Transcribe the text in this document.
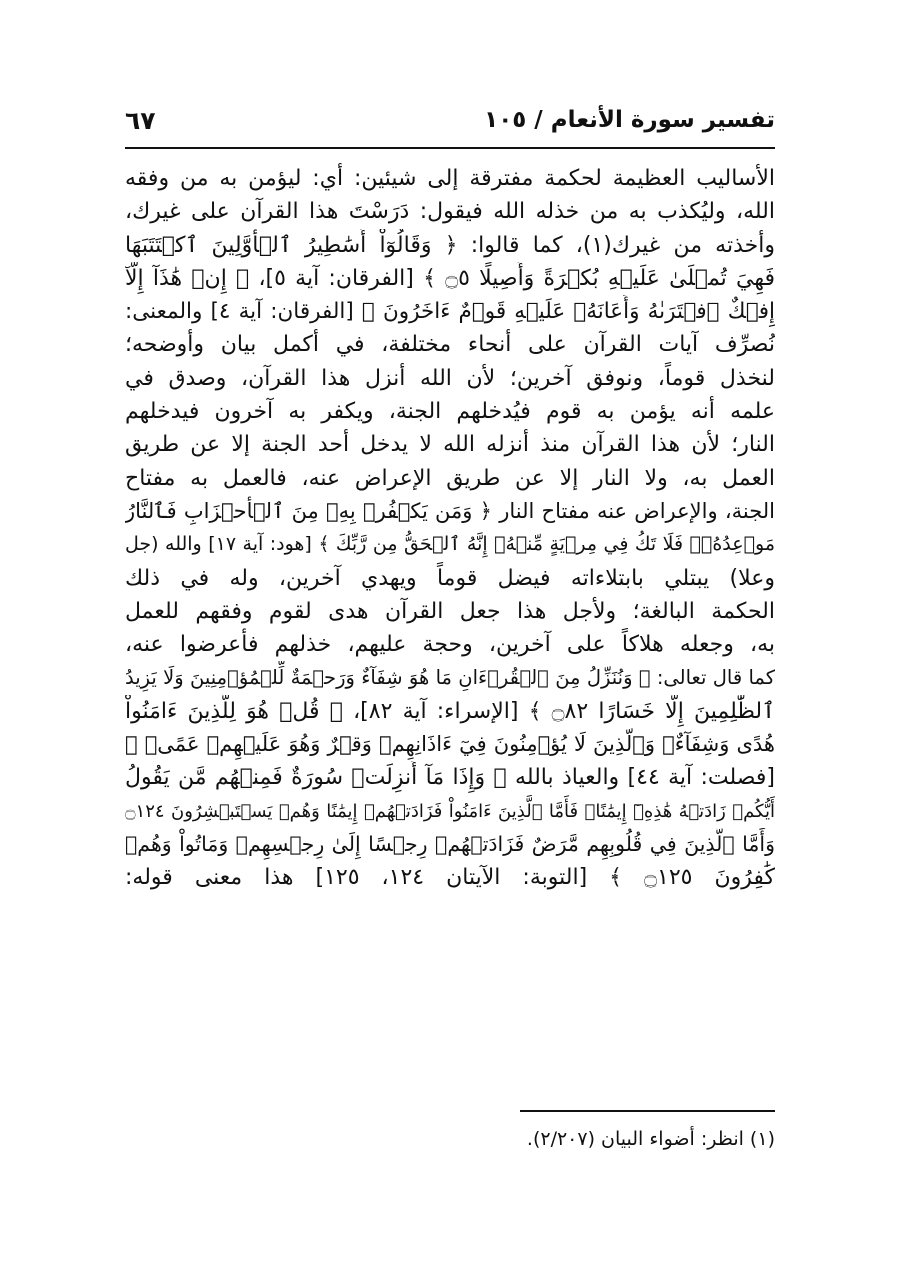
تفسير سورة الأنعام / ١٠٥
٦٧
الأساليب العظيمة لحكمة مفترقة إلى شيئين: أي: ليؤمن به من وفقه
الله، وليُكذب به من خذله الله فيقول: دَرَسْتَ هذا القرآن على غيرك،
وأخذته من غيرك(١)، كما قالوا: ﴿ وَقَالُوٓاْ أَسَٰطِيرُ ٱلۡأَوَّلِينَ ٱكۡتَتَبَهَا
فَهِيَ تُمۡلَىٰ عَلَيۡهِ بُكۡرَةً وَأَصِيلًا ۝٥ ﴾ [الفرقان: آية ٥]، ﴿ إِنۡ هَٰذَآ إِلَّآ
إِفۡكٌ ٱفۡتَرَىٰهُ وَأَعَانَهُۥ عَلَيۡهِ قَوۡمٌ ءَاخَرُونَ ﴾ [الفرقان: آية ٤] والمعنى:
نُصرِّف آيات القرآن على أنحاء مختلفة، في أكمل بيان وأوضحه؛
لنخذل قوماً، ونوفق آخرين؛ لأن الله أنزل هذا القرآن، وصدق في
علمه أنه يؤمن به قوم فيُدخلهم الجنة، ويكفر به آخرون فيدخلهم
النار؛ لأن هذا القرآن منذ أنزله الله لا يدخل أحد الجنة إلا عن طريق
العمل به، ولا النار إلا عن طريق الإعراض عنه، فالعمل به مفتاح
الجنة، والإعراض عنه مفتاح النار ﴿ وَمَن يَكۡفُرۡ بِهِۦ مِنَ ٱلۡأَحۡزَابِ فَٱلنَّارُ
مَوۡعِدُهُۥۚ فَلَا تَكُ فِي مِرۡيَةٍ مِّنۡهُۚ إِنَّهُ ٱلۡحَقُّ مِن رَّبِّكَ ﴾ [هود: آية ١٧] والله (جل
وعلا) يبتلي بابتلاءاته فيضل قوماً ويهدي آخرين، وله في ذلك
الحكمة البالغة؛ ولأجل هذا جعل القرآن هدى لقوم وفقهم للعمل
به، وجعله هلاكاً على آخرين، وحجة عليهم، خذلهم فأعرضوا عنه،
كما قال تعالى: ﴿ وَنُنَزِّلُ مِنَ ٱلۡقُرۡءَانِ مَا هُوَ شِفَآءٌ وَرَحۡمَةٌ لِّلۡمُؤۡمِنِينَ وَلَا يَزِيدُ
ٱلظَّٰلِمِينَ إِلَّا خَسَارًا ۝٨٢ ﴾ [الإسراء: آية ٨٢]، ﴿ قُلۡ هُوَ لِلَّذِينَ ءَامَنُواْ
هُدًى وَشِفَآءٌۚ وَٱلَّذِينَ لَا يُؤۡمِنُونَ فِيٓ ءَاذَانِهِمۡ وَقۡرٌ وَهُوَ عَلَيۡهِمۡ عَمًىۚ ﴾
[فصلت: آية ٤٤] والعياذ بالله ﴿ وَإِذَا مَآ أُنزِلَتۡ سُورَةٌ فَمِنۡهُم مَّن يَقُولُ
أَيُّكُمۡ زَادَتۡهُ هَٰذِهِۦٓ إِيمَٰنًاۚ فَأَمَّا ٱلَّذِينَ ءَامَنُواْ فَزَادَتۡهُمۡ إِيمَٰنًا وَهُمۡ يَسۡتَبۡشِرُونَ ۝١٢٤
وَأَمَّا ٱلَّذِينَ فِي قُلُوبِهِم مَّرَضٌ فَزَادَتۡهُمۡ رِجۡسًا إِلَىٰ رِجۡسِهِمۡ وَمَاتُواْ وَهُمۡ
كَٰفِرُونَ ۝١٢٥ ﴾ [التوبة: الآيتان ١٢٤، ١٢٥] هذا معنى قوله:
(١) انظر: أضواء البيان (٢/٢٠٧).
